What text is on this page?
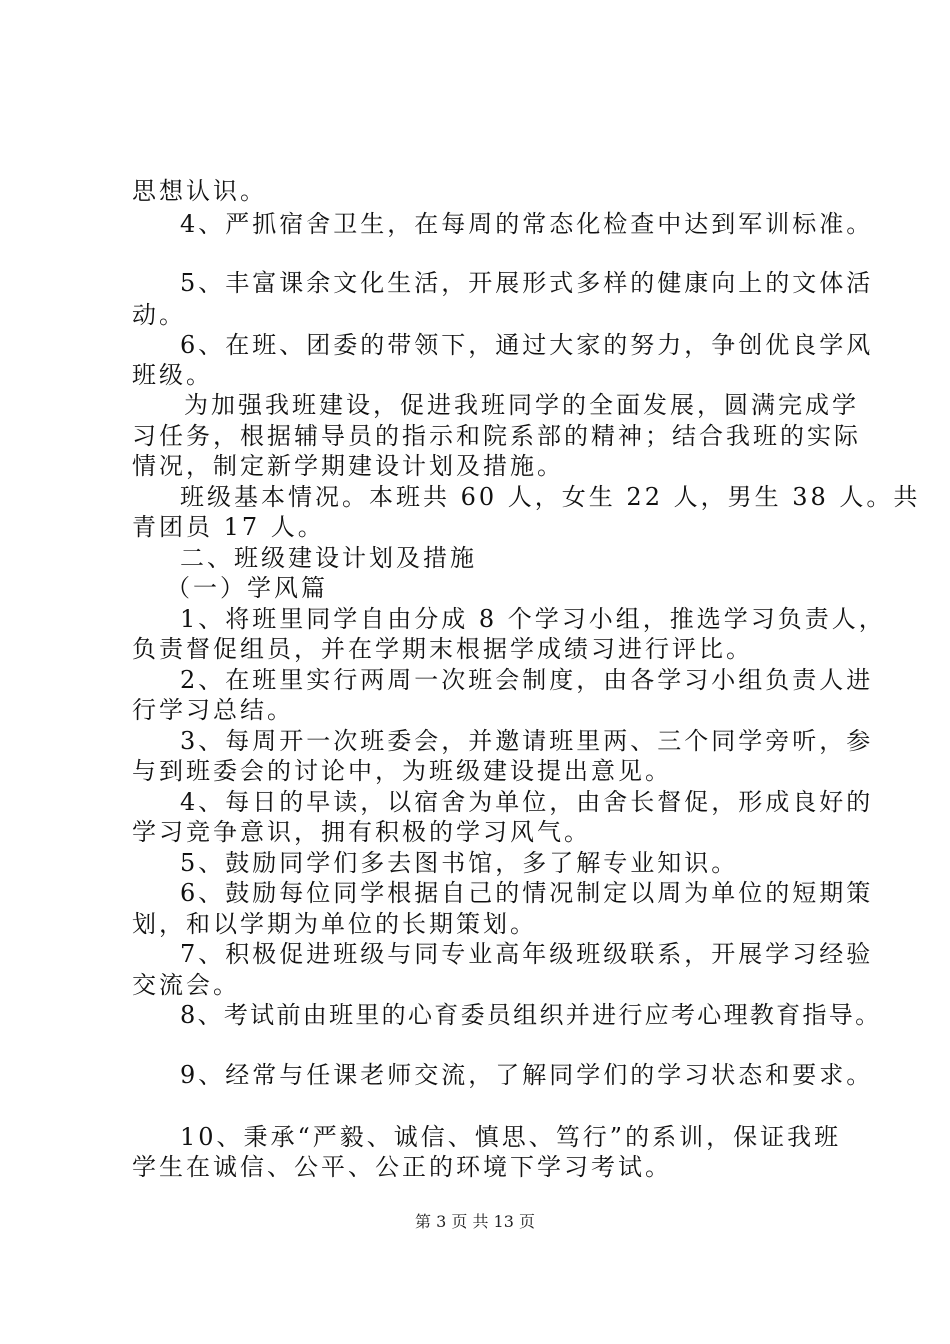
思想认识。
4、严抓宿舍卫生，在每周的常态化检查中达到军训标准。
5、丰富课余文化生活，开展形式多样的健康向上的文体活
动。
6、在班、团委的带领下，通过大家的努力，争创优良学风
班级。
为加强我班建设，促进我班同学的全面发展，圆满完成学
习任务，根据辅导员的指示和院系部的精神；结合我班的实际
情况，制定新学期建设计划及措施。
班级基本情况。本班共 60 人，女生 22 人，男生 38 人。共
青团员 17 人。
二、班级建设计划及措施
（一）学风篇
1、将班里同学自由分成 8 个学习小组，推选学习负责人，
负责督促组员，并在学期末根据学成绩习进行评比。
2、在班里实行两周一次班会制度，由各学习小组负责人进
行学习总结。
3、每周开一次班委会，并邀请班里两、三个同学旁听，参
与到班委会的讨论中，为班级建设提出意见。
4、每日的早读，以宿舍为单位，由舍长督促，形成良好的
学习竞争意识，拥有积极的学习风气。
5、鼓励同学们多去图书馆，多了解专业知识。
6、鼓励每位同学根据自己的情况制定以周为单位的短期策
划，和以学期为单位的长期策划。
7、积极促进班级与同专业高年级班级联系，开展学习经验
交流会。
8、考试前由班里的心育委员组织并进行应考心理教育指导。
9、经常与任课老师交流，了解同学们的学习状态和要求。
10、秉承“严毅、诚信、慎思、笃行”的系训，保证我班
学生在诚信、公平、公正的环境下学习考试。
第 3 页 共 13 页
